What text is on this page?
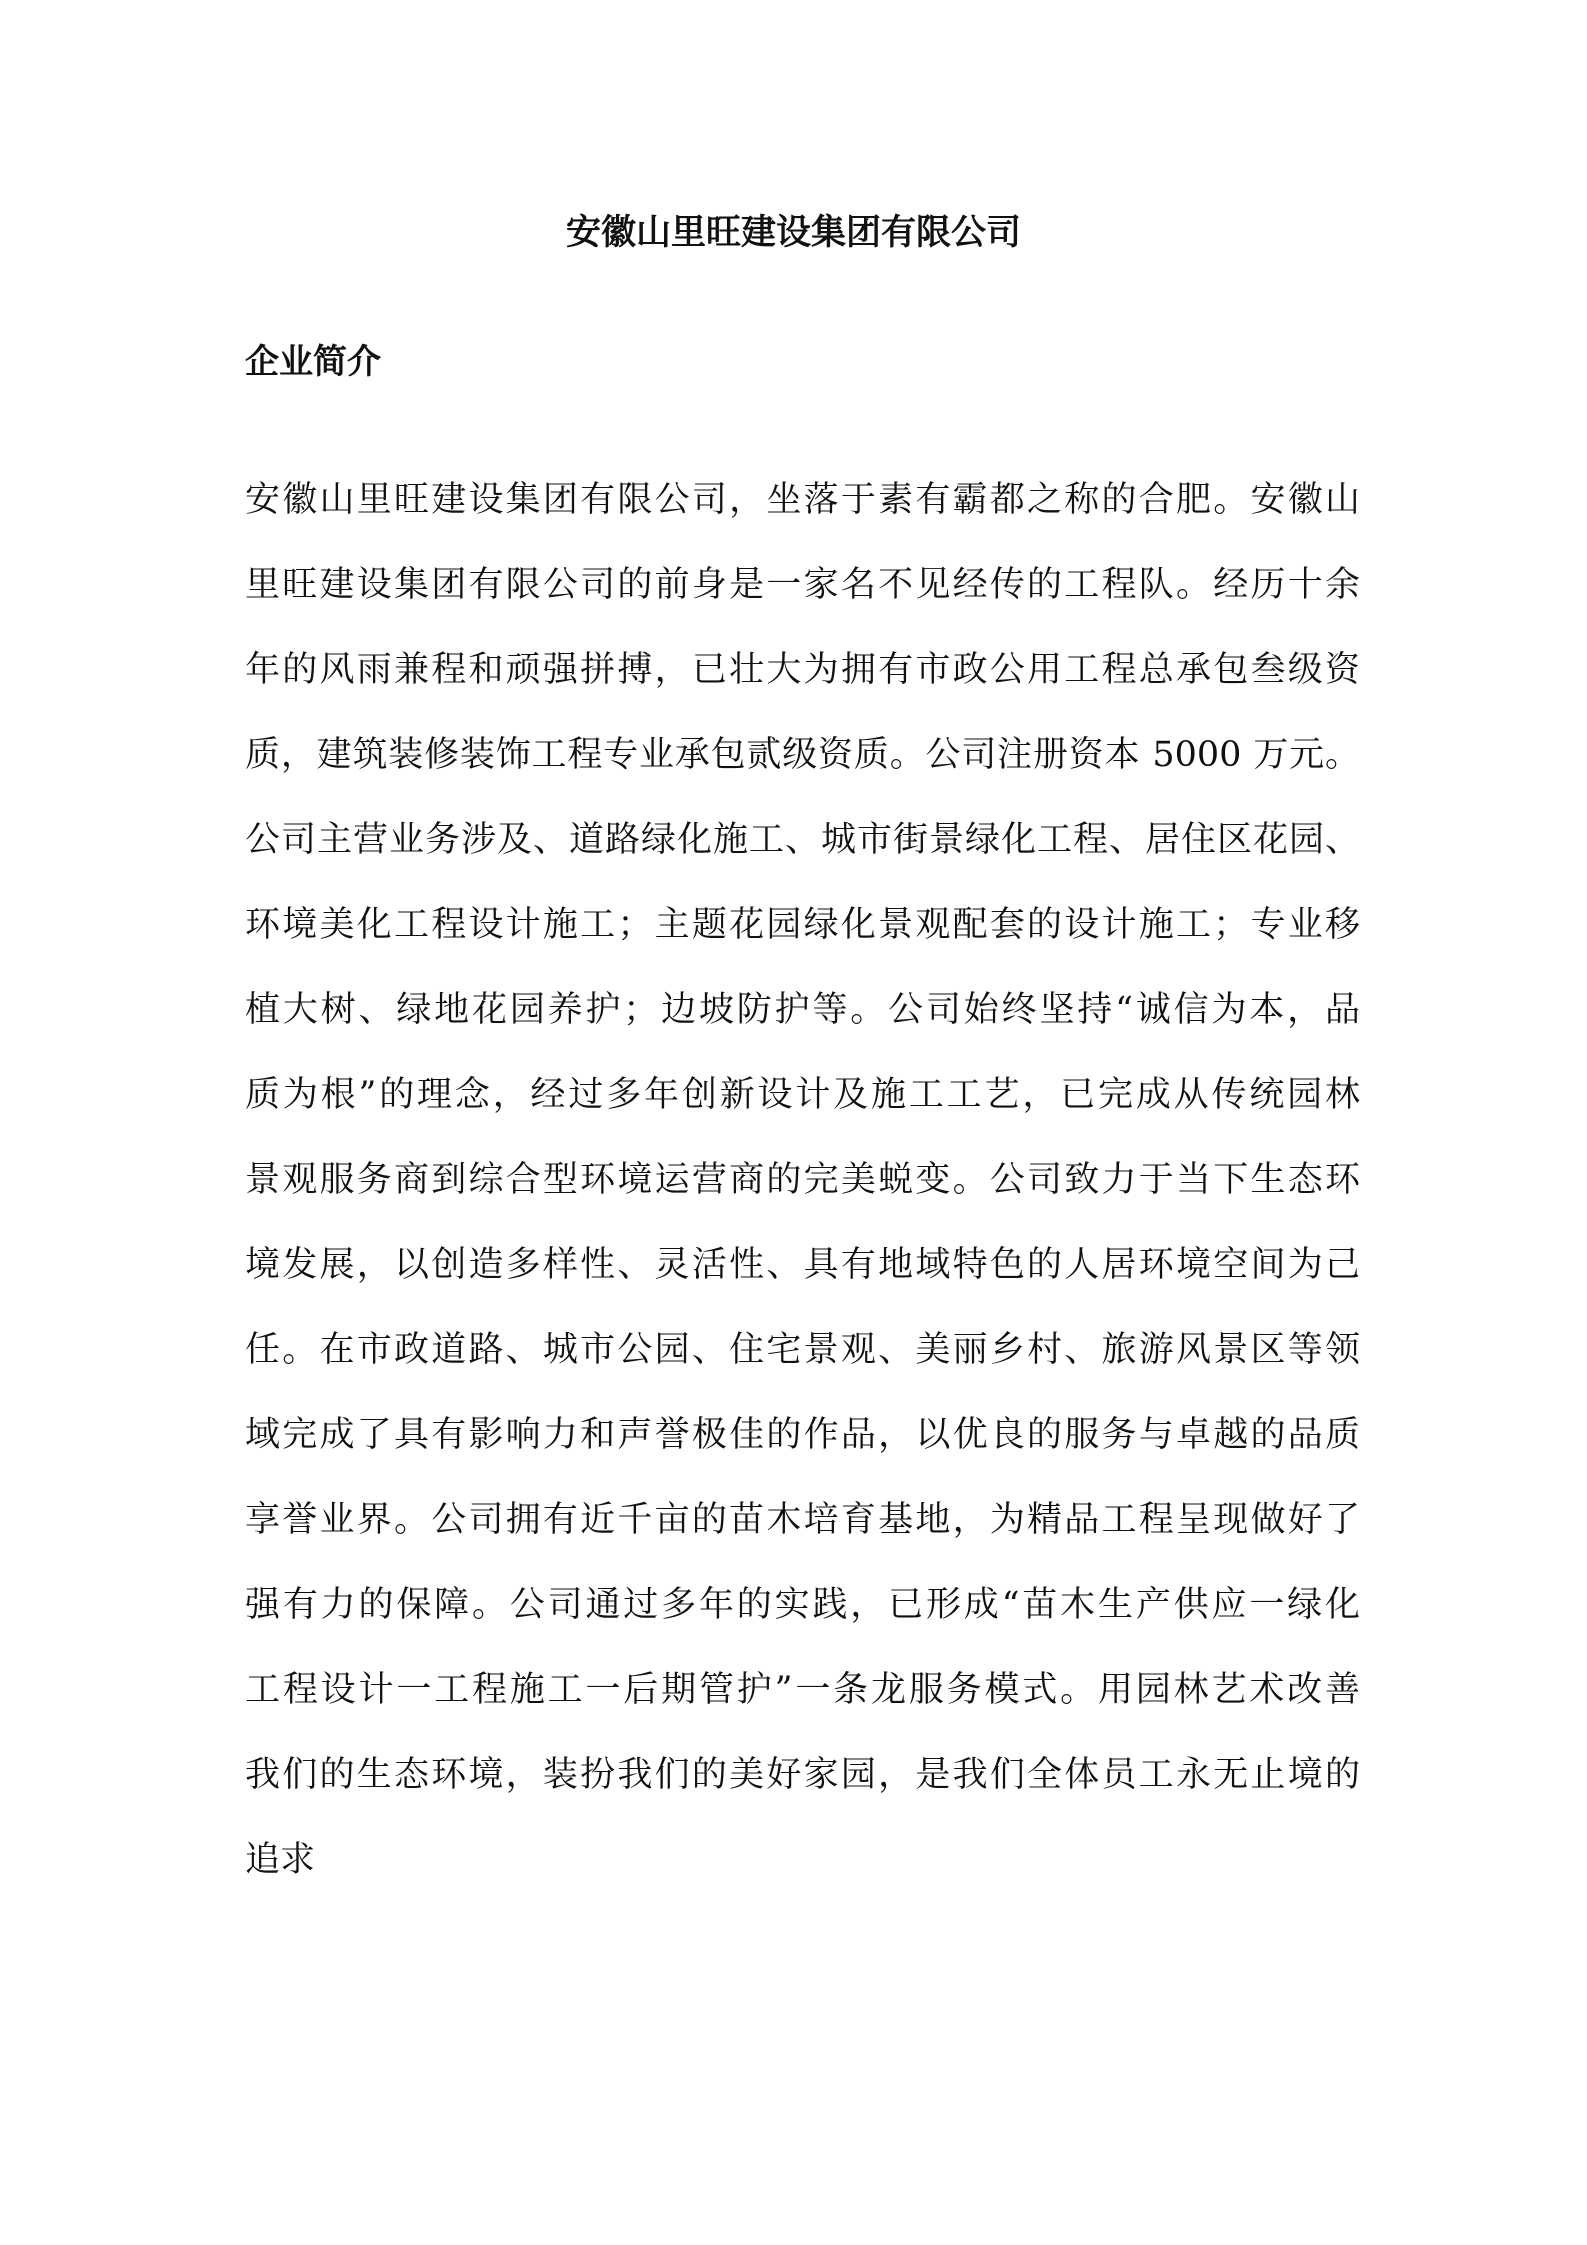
安徽山里旺建设集团有限公司
企业简介
安徽山里旺建设集团有限公司，坐落于素有霸都之称的合肥。安徽山
里旺建设集团有限公司的前身是一家名不见经传的工程队。经历十余
年的风雨兼程和顽强拼搏，已壮大为拥有市政公用工程总承包叁级资
质，建筑装修装饰工程专业承包贰级资质。公司注册资本 5000 万元。
公司主营业务涉及、道路绿化施工、城市街景绿化工程、居住区花园、
环境美化工程设计施工；主题花园绿化景观配套的设计施工；专业移
植大树、绿地花园养护；边坡防护等。公司始终坚持“诚信为本，品
质为根”的理念，经过多年创新设计及施工工艺，已完成从传统园林
景观服务商到综合型环境运营商的完美蜕变。公司致力于当下生态环
境发展，以创造多样性、灵活性、具有地域特色的人居环境空间为己
任。在市政道路、城市公园、住宅景观、美丽乡村、旅游风景区等领
域完成了具有影响力和声誉极佳的作品，以优良的服务与卓越的品质
享誉业界。公司拥有近千亩的苗木培育基地，为精品工程呈现做好了
强有力的保障。公司通过多年的实践，已形成“苗木生产供应一绿化
工程设计一工程施工一后期管护”一条龙服务模式。用园林艺术改善
我们的生态环境，装扮我们的美好家园，是我们全体员工永无止境的
追求
